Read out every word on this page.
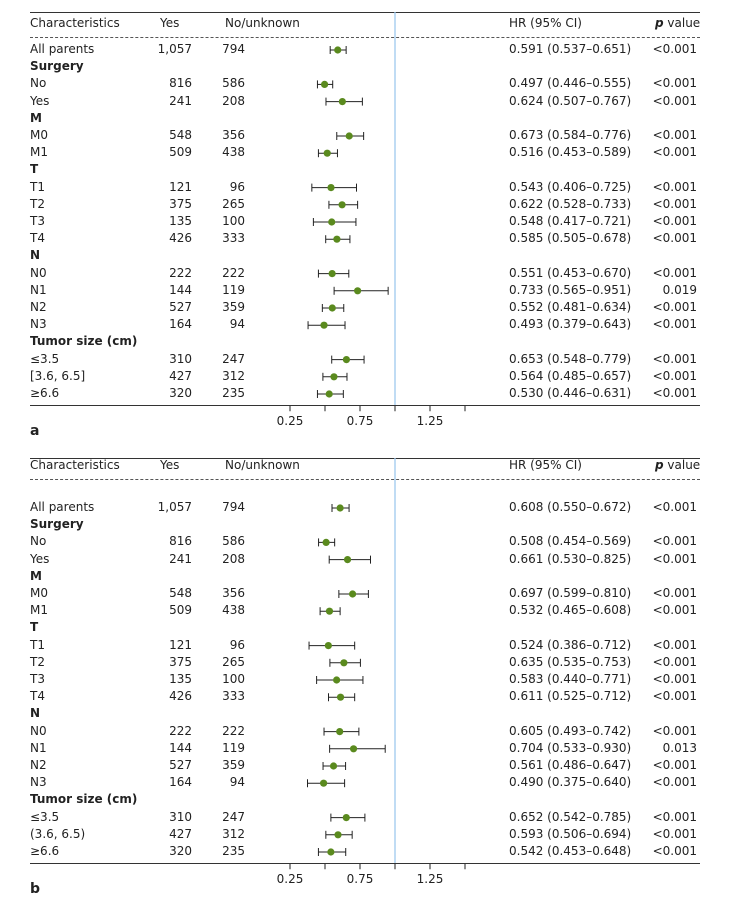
Characteristics	Yes	No/unknown	HR (95% CI)	p value
All parents	1,057	794	0.591 (0.537–0.651)	<0.001
Surgery
No	816	586	0.497 (0.446–0.555)	<0.001
Yes	241	208	0.624 (0.507–0.767)	<0.001
M
M0	548	356	0.673 (0.584–0.776)	<0.001
M1	509	438	0.516 (0.453–0.589)	<0.001
T
T1	121	96	0.543 (0.406–0.725)	<0.001
T2	375	265	0.622 (0.528–0.733)	<0.001
T3	135	100	0.548 (0.417–0.721)	<0.001
T4	426	333	0.585 (0.505–0.678)	<0.001
N
N0	222	222	0.551 (0.453–0.670)	<0.001
N1	144	119	0.733 (0.565–0.951)	0.019
N2	527	359	0.552 (0.481–0.634)	<0.001
N3	164	94	0.493 (0.379–0.643)	<0.001
Tumor size (cm)
≤3.5	310	247	0.653 (0.548–0.779)	<0.001
[3.6, 6.5]	427	312	0.564 (0.485–0.657)	<0.001
≥6.6	320	235	0.530 (0.446–0.631)	<0.001
0.25	0.75	1.25
a
Characteristics	Yes	No/unknown	HR (95% CI)	p value
All parents	1,057	794	0.608 (0.550–0.672)	<0.001
Surgery
No	816	586	0.508 (0.454–0.569)	<0.001
Yes	241	208	0.661 (0.530–0.825)	<0.001
M
M0	548	356	0.697 (0.599–0.810)	<0.001
M1	509	438	0.532 (0.465–0.608)	<0.001
T
T1	121	96	0.524 (0.386–0.712)	<0.001
T2	375	265	0.635 (0.535–0.753)	<0.001
T3	135	100	0.583 (0.440–0.771)	<0.001
T4	426	333	0.611 (0.525–0.712)	<0.001
N
N0	222	222	0.605 (0.493–0.742)	<0.001
N1	144	119	0.704 (0.533–0.930)	0.013
N2	527	359	0.561 (0.486–0.647)	<0.001
N3	164	94	0.490 (0.375–0.640)	<0.001
Tumor size (cm)
≤3.5	310	247	0.652 (0.542–0.785)	<0.001
(3.6, 6.5)	427	312	0.593 (0.506–0.694)	<0.001
≥6.6	320	235	0.542 (0.453–0.648)	<0.001
0.25	0.75	1.25
b
